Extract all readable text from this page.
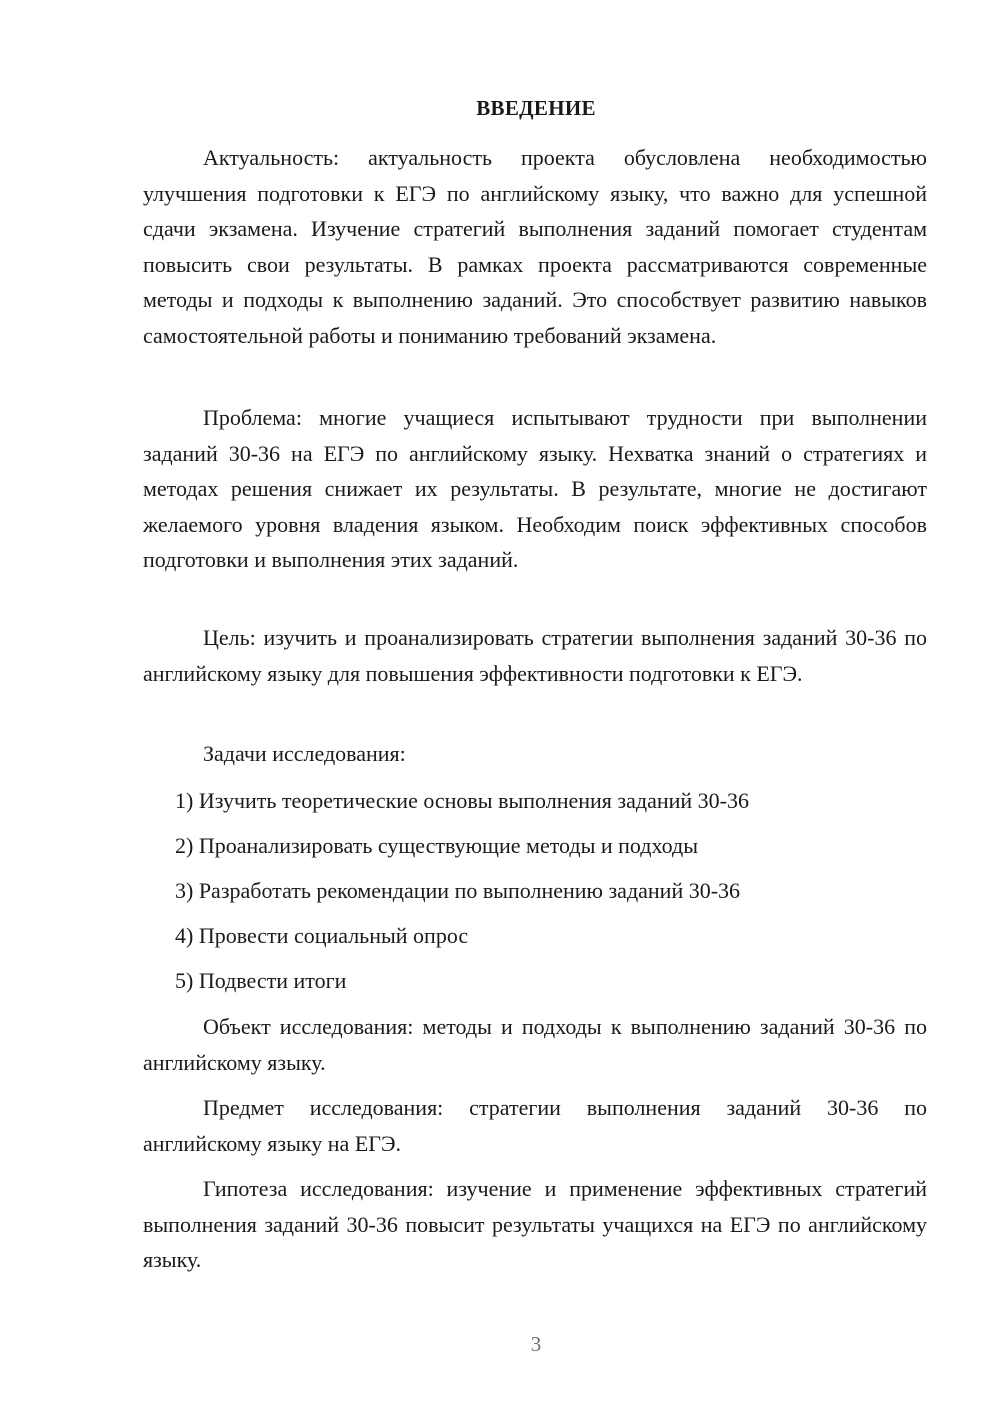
ВВЕДЕНИЕ

Актуальность: актуальность проекта обусловлена необходимостью улучшения подготовки к ЕГЭ по английскому языку, что важно для успешной сдачи экзамена. Изучение стратегий выполнения заданий помогает студентам повысить свои результаты. В рамках проекта рассматриваются современные методы и подходы к выполнению заданий. Это способствует развитию навыков самостоятельной работы и пониманию требований экзамена.

Проблема: многие учащиеся испытывают трудности при выполнении заданий 30-36 на ЕГЭ по английскому языку. Нехватка знаний о стратегиях и методах решения снижает их результаты. В результате, многие не достигают желаемого уровня владения языком. Необходим поиск эффективных способов подготовки и выполнения этих заданий.

Цель: изучить и проанализировать стратегии выполнения заданий 30-36 по английскому языку для повышения эффективности подготовки к ЕГЭ.

Задачи исследования:

1) Изучить теоретические основы выполнения заданий 30-36

2) Проанализировать существующие методы и подходы

3) Разработать рекомендации по выполнению заданий 30-36

4) Провести социальный опрос

5) Подвести итоги

Объект исследования: методы и подходы к выполнению заданий 30-36 по английскому языку.

Предмет исследования: стратегии выполнения заданий 30-36 по английскому языку на ЕГЭ.

Гипотеза исследования: изучение и применение эффективных стратегий выполнения заданий 30-36 повысит результаты учащихся на ЕГЭ по английскому языку.

3
